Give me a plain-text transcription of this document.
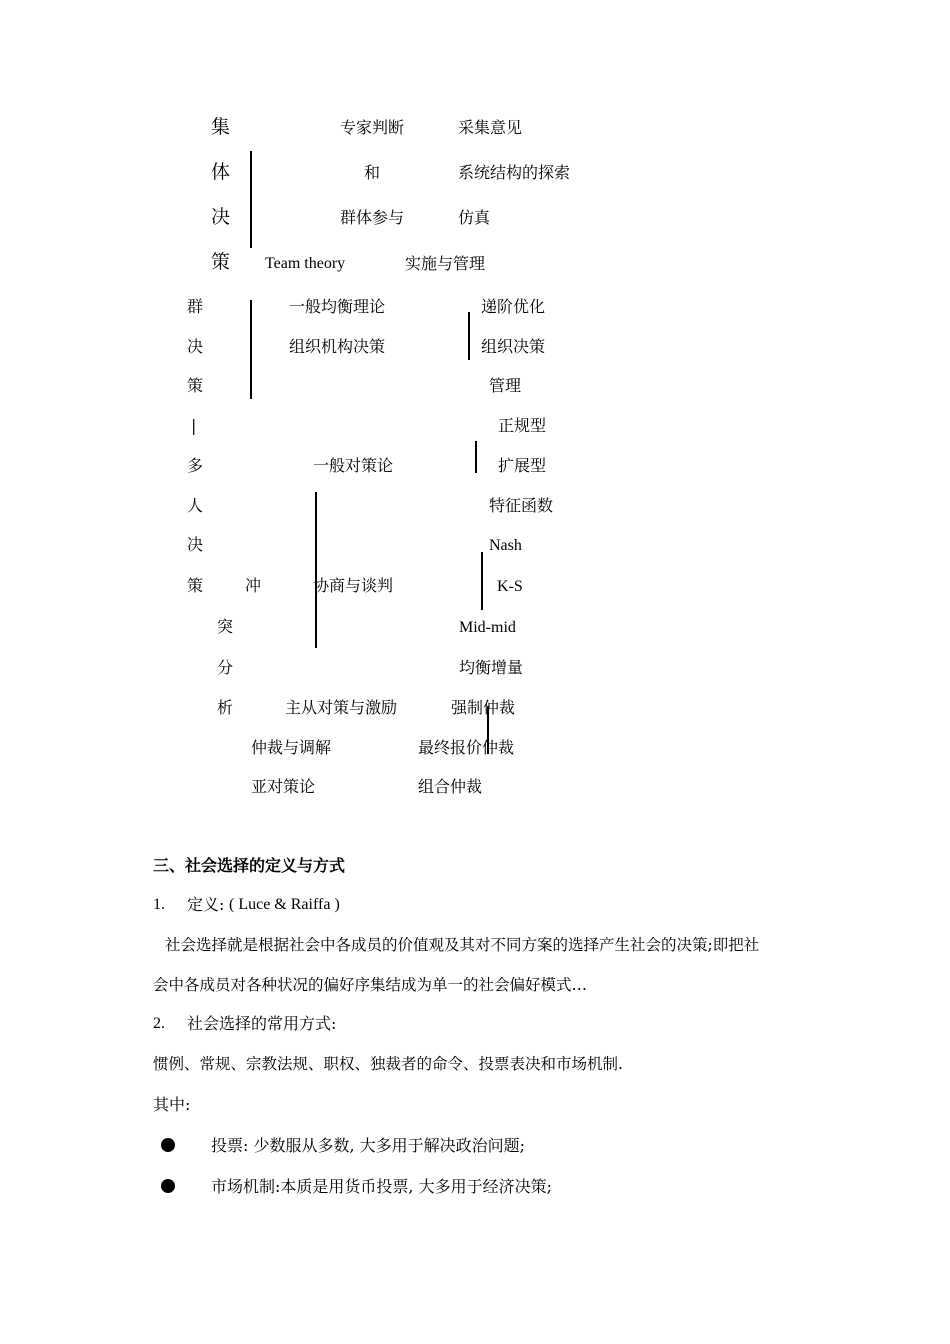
集
体
决
策
专家判断
和
群体参与
Team theory
采集意见
系统结构的探索
仿真
实施与管理
群
决
策
|
多
人
决
策
一般均衡理论
组织机构决策
递阶优化
组织决策
管理
冲
突
分
析
一般对策论
正规型
扩展型
特征函数
协商与谈判
Nash
K-S
Mid-mid
均衡增量
主从对策与激励
仲裁与调解
亚对策论
强制仲裁
最终报价仲裁
组合仲裁
三、社会选择的定义与方式
1. 定义: ( Luce & Raiffa )
社会选择就是根据社会中各成员的价值观及其对不同方案的选择产生社会的决策;即把社
会中各成员对各种状况的偏好序集结成为单一的社会偏好模式…
2. 社会选择的常用方式:
惯例、常规、宗教法规、职权、独裁者的命令、投票表决和市场机制.
其中:
投票: 少数服从多数, 大多用于解决政治问题;
市场机制:本质是用货币投票, 大多用于经济决策;
